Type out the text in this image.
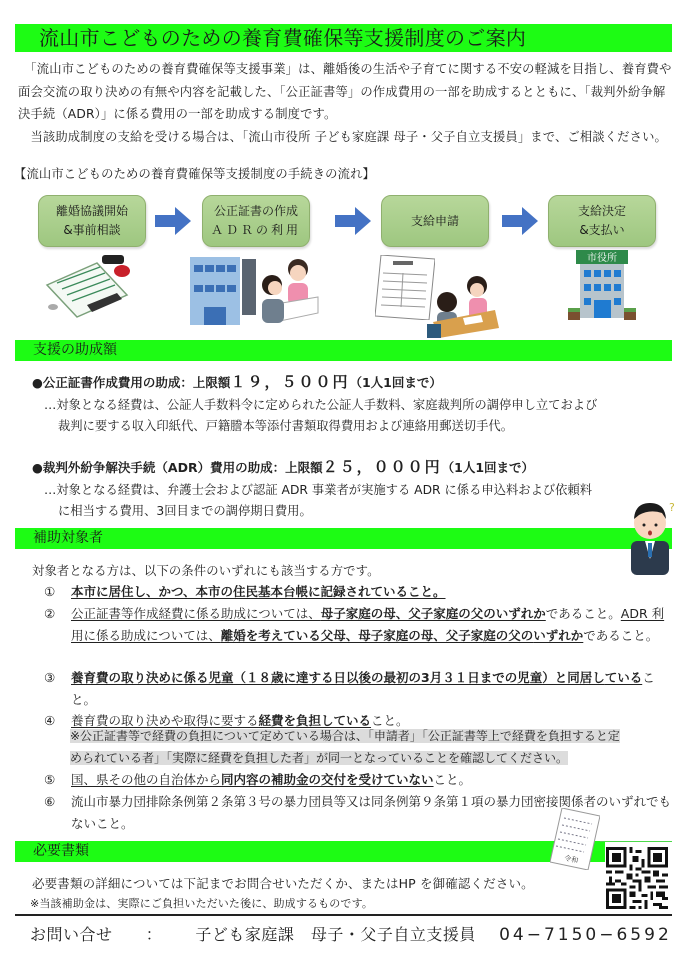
流山市こどものための養育費確保等支援制度のご案内
　「流山市こどものための養育費確保等支援事業」は、離婚後の生活や子育てに関する不安の軽減を目指し、養育費や面会交流の取り決めの有無や内容を記載した、「公正証書等」の作成費用の一部を助成するとともに、「裁判外紛争解決手続（ADR）」に係る費用の一部を助成する制度です。
　当該助成制度の支給を受ける場合は、「流山市役所 子ども家庭課 母子・父子自立支援員」まで、ご相談ください。
【流山市こどものための養育費確保等支援制度の手続きの流れ】
離婚協議開始
&事前相談
公正証書の作成
ＡＤＲの利用
支給申請
支給決定
&支払い
市役所
支援の助成額
●公正証書作成費用の助成：上限額１９，５００円（1人1回まで）
…対象となる経費は、公証人手数料令に定められた公証人手数料、家庭裁判所の調停申し立ておよび
裁判に要する収入印紙代、戸籍謄本等添付書類取得費用および連絡用郵送切手代。
●裁判外紛争解決手続（ADR）費用の助成：上限額２５，０００円（1人1回まで）
…対象となる経費は、弁護士会および認証 ADR 事業者が実施する ADR に係る申込料および依頼料
に相当する費用、3回目までの調停期日費用。
補助対象者
?
対象者となる方は、以下の条件のいずれにも該当する方です。
①	本市に居住し、かつ、本市の住民基本台帳に記録されていること。
②	公正証書等作成経費に係る助成については、母子家庭の母、父子家庭の父のいずれかであること。ADR 利用に係る助成については、離婚を考えている父母、母子家庭の母、父子家庭の父のいずれかであること。
③	養育費の取り決めに係る児童（１８歳に達する日以後の最初の3月３１日までの児童）と同居していること。
④	養育費の取り決めや取得に要する経費を負担していること。
※公正証書等で経費の負担について定めている場合は、「申請者」「公正証書等上で経費を負担すると定
められている者」「実際に経費を負担した者」が同一となっていることを確認してください。
⑤	国、県その他の自治体から同内容の補助金の交付を受けていないこと。
⑥	流山市暴力団排除条例第２条第３号の暴力団員等又は同条例第９条第１項の暴力団密接関係者のいずれでもないこと。
必要書類
令和
必要書類の詳細については下記までお問合せいただくか、またはHP を御確認ください。
※当該補助金は、実際にご負担いただいた後に、助成するものです。
お問い合せ ： 子ども家庭課　母子・父子自立支援員 04−7150−6592
